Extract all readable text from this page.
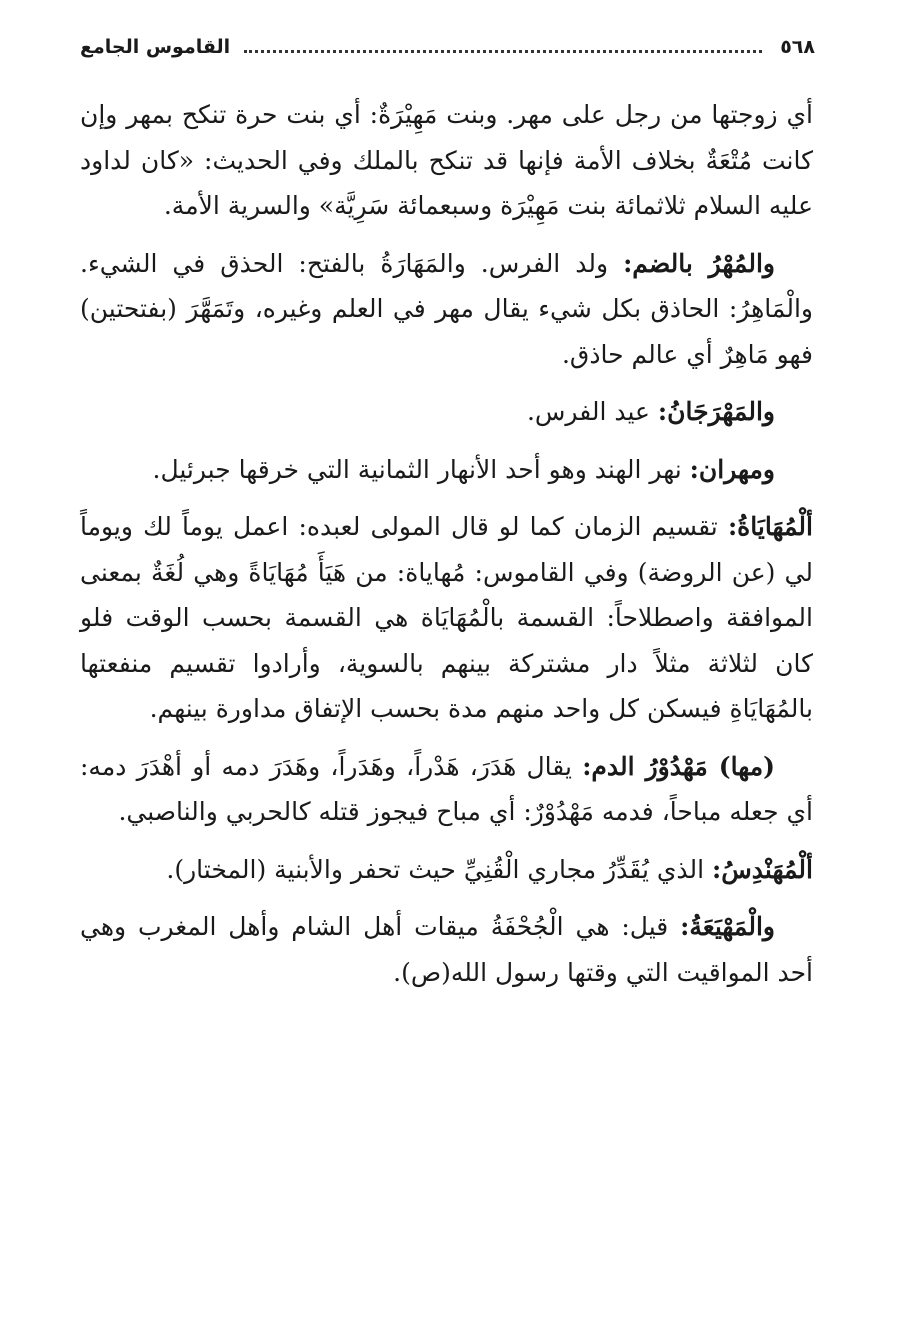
٥٦٨
القاموس الجامع

أي زوجتها من رجل على مهر. وبنت مَهِيْرَةٌ: أي بنت حرة تنكح بمهر وإن كانت مُتْعَةٌ بخلاف الأمة فإنها قد تنكح بالملك وفي الحديث: «كان لداود عليه السلام ثلاثمائة بنت مَهِيْرَة وسبعمائة سَرِيَّة» والسرية الأمة.

والمُهْرُ بالضم: ولد الفرس. والمَهَارَةُ بالفتح: الحذق في الشيء. والْمَاهِرُ: الحاذق بكل شيء يقال مهر في العلم وغيره، وتَمَهَّرَ (بفتحتين) فهو مَاهِرٌ أي عالم حاذق.

والمَهْرَجَانُ: عيد الفرس.

ومهران: نهر الهند وهو أحد الأنهار الثمانية التي خرقها جبرئيل.

ألْمُهَايَاةُ: تقسيم الزمان كما لو قال المولى لعبده: اعمل يوماً لك ويوماً لي (عن الروضة) وفي القاموس: مُهاياة: من هَيَأَ مُهَايَاةً وهي لُغَةٌ بمعنى الموافقة واصطلاحاً: القسمة بالْمُهَايَاة هي القسمة بحسب الوقت فلو كان لثلاثة مثلاً دار مشتركة بينهم بالسوية، وأرادوا تقسيم منفعتها بالمُهَايَاةِ فيسكن كل واحد منهم مدة بحسب الإتفاق مداورة بينهم.

(مها) مَهْدُوْرُ الدم: يقال هَدَرَ، هَدْراً، وهَدَراً، وهَدَرَ دمه أو أهْدَرَ دمه: أي جعله مباحاً، فدمه مَهْدُوْرٌ: أي مباح فيجوز قتله كالحربي والناصبي.

ألْمُهَنْدِسُ: الذي يُقَدِّرُ مجاري الْقُنِيِّ حيث تحفر والأبنية (المختار).

والْمَهْيَعَةُ: قيل: هي الْجُحْفَةُ ميقات أهل الشام وأهل المغرب وهي أحد المواقيت التي وقتها رسول الله(ص).
